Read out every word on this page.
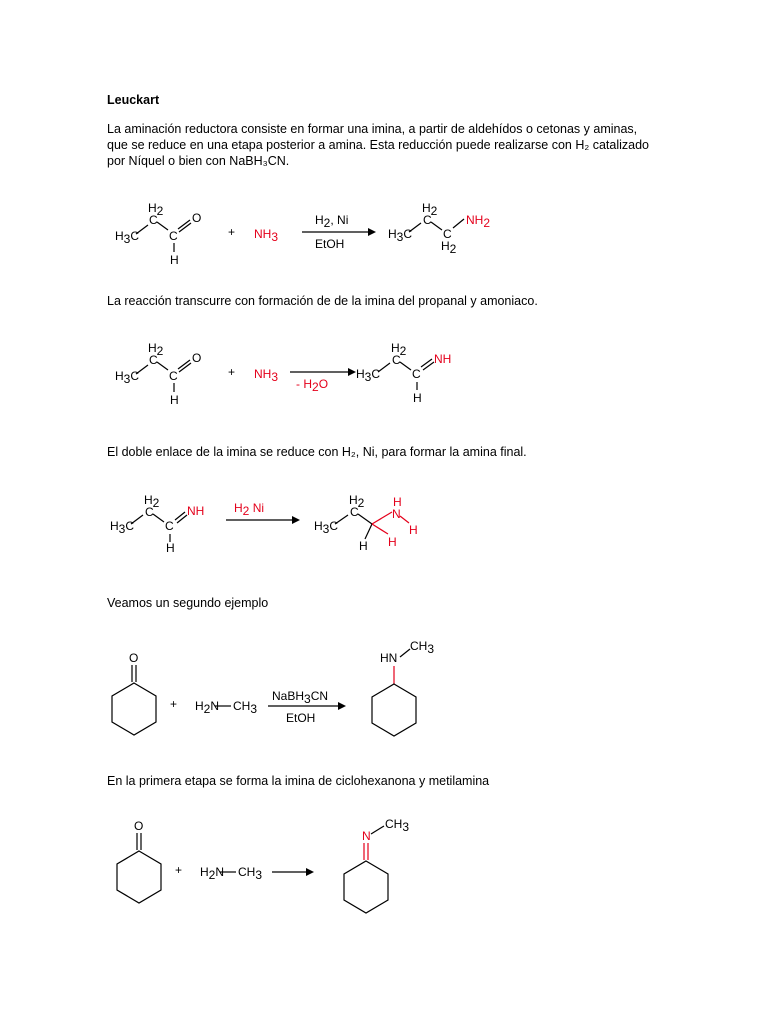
Leuckart
La aminación reductora consiste en formar una imina, a partir de aldehídos o cetonas y aminas,
que se reduce en una etapa posterior a amina. Esta reducción puede realizarse con H₂ catalizado
por Níquel o bien con NaBH₃CN.
H2
C
H3C C
O
H
+ NH3
H2, Ni
EtOH
H2
C
H3C	C
H2
NH2
La reacción transcurre con formación de de la imina del propanal y amoniaco.
H2
C
H3C C
O
H
+ NH3 - H2O
H2
C
H3C	C
NH
H
El doble enlace de la imina se reduce con H₂, Ni, para formar la amina final.
H2
C
H3C	C
NH
H
H2 Ni
H2
C
H3C
H
N
H
H H
Veamos un segundo ejemplo
O
+ H2N CH3
NaBH3CN
EtOH
HN
CH3
En la primera etapa se forma la imina de ciclohexanona y metilamina
O
+ H2N CH3
N
CH3
